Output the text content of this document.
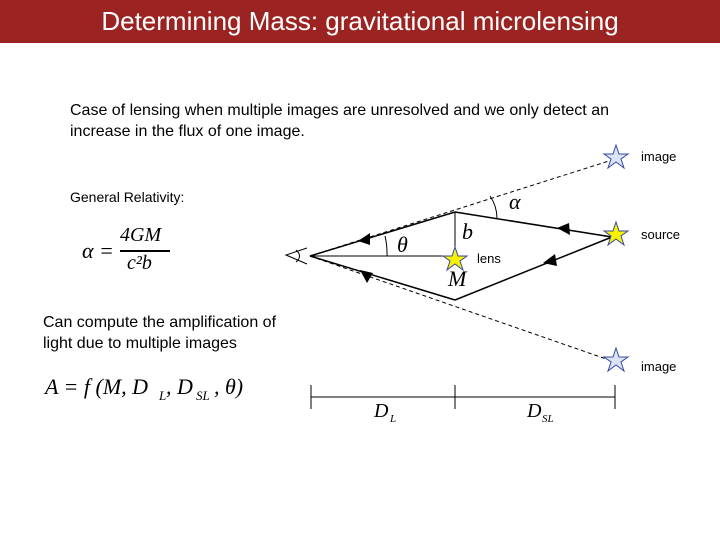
Determining Mass: gravitational microlensing
Case of lensing when multiple images are unresolved and we only detect an increase in the flux of one image.
General Relativity:
Can compute the amplification of light due to multiple images
α =
4GM
c²b
A = f (M, D L , D SL , θ)
image
source
lens
image
α
θ
b
M
D L	D SL
